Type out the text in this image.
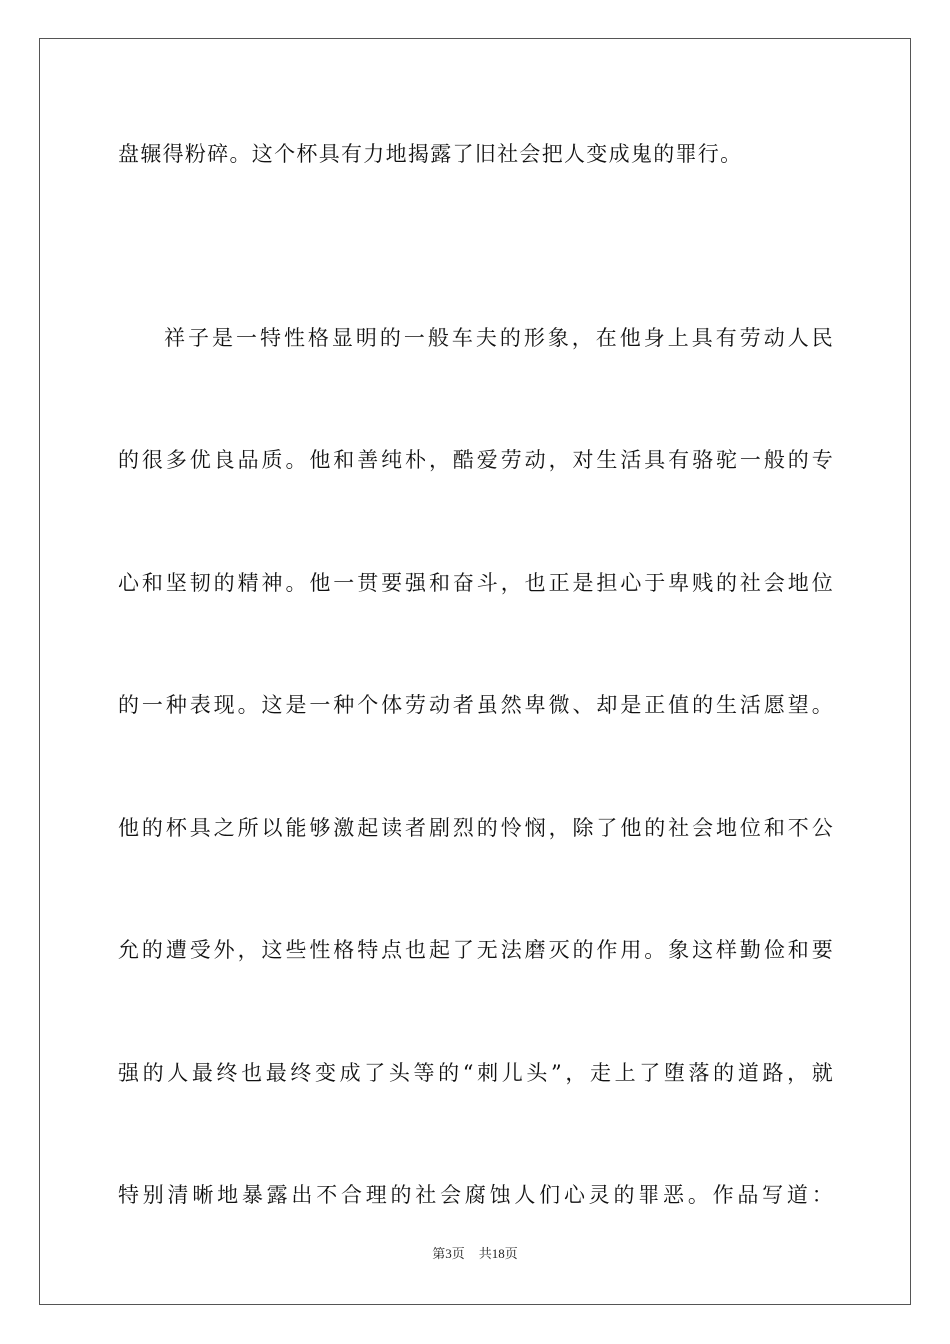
盘辗得粉碎。这个杯具有力地揭露了旧社会把人变成鬼的罪行。
祥子是一特性格显明的一般车夫的形象，在他身上具有劳动人民
的很多优良品质。他和善纯朴，酷爱劳动，对生活具有骆驼一般的专
心和坚韧的精神。他一贯要强和奋斗，也正是担心于卑贱的社会地位
的一种表现。这是一种个体劳动者虽然卑微、却是正值的生活愿望。
他的杯具之所以能够激起读者剧烈的怜悯，除了他的社会地位和不公
允的遭受外，这些性格特点也起了无法磨灭的作用。象这样勤俭和要
强的人最终也最终变成了头等的“刺儿头”，走上了堕落的道路，就
特别清晰地暴露出不合理的社会腐蚀人们心灵的罪恶。作品写道：
第3页 共18页
